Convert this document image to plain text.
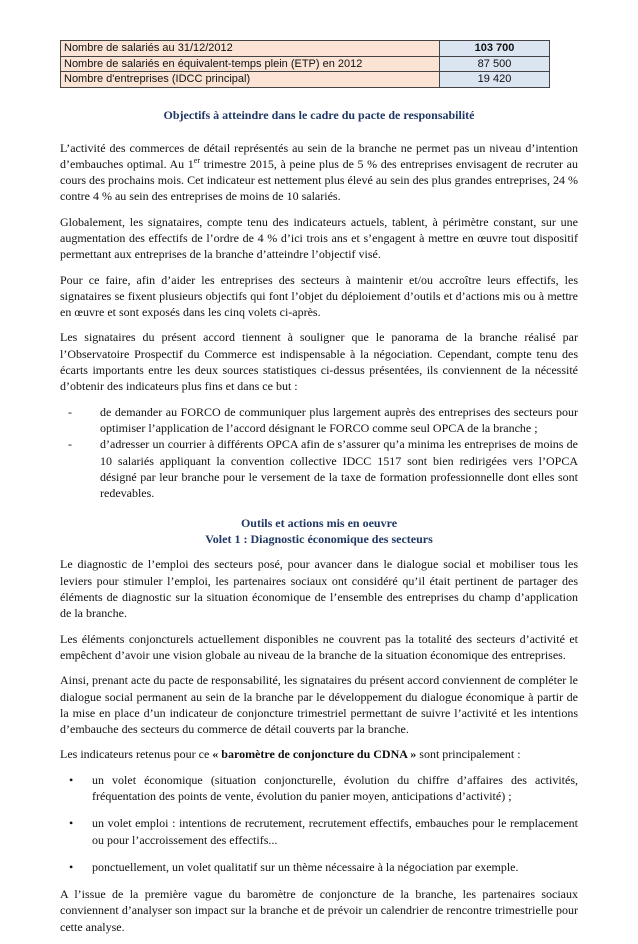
Nombre de salariés au 31/12/2012	103 700
Nombre de salariés en équivalent-temps plein (ETP) en 2012	87 500
Nombre d'entreprises (IDCC principal)	19 420
Objectifs à atteindre dans le cadre du pacte de responsabilité

L’activité des commerces de détail représentés au sein de la branche ne permet pas un niveau d’intention d’embauches optimal. Au 1er trimestre 2015, à peine plus de 5 % des entreprises envisagent de recruter au cours des prochains mois. Cet indicateur est nettement plus élevé au sein des plus grandes entreprises, 24 % contre 4 % au sein des entreprises de moins de 10 salariés.

Globalement, les signataires, compte tenu des indicateurs actuels, tablent, à périmètre constant, sur une augmentation des effectifs de l’ordre de 4 % d’ici trois ans et s’engagent à mettre en œuvre tout dispositif permettant aux entreprises de la branche d’atteindre l’objectif visé.

Pour ce faire, afin d’aider les entreprises des secteurs à maintenir et/ou accroître leurs effectifs, les signataires se fixent plusieurs objectifs qui font l’objet du déploiement d’outils et d’actions mis ou à mettre en œuvre et sont exposés dans les cinq volets ci-après.

Les signataires du présent accord tiennent à souligner que le panorama de la branche réalisé par l’Observatoire Prospectif du Commerce est indispensable à la négociation. Cependant, compte tenu des écarts importants entre les deux sources statistiques ci-dessus présentées, ils conviennent de la nécessité d’obtenir des indicateurs plus fins et dans ce but :

- de demander au FORCO de communiquer plus largement auprès des entreprises des secteurs pour optimiser l’application de l’accord désignant le FORCO comme seul OPCA de la branche ;
- d’adresser un courrier à différents OPCA afin de s’assurer qu’a minima les entreprises de moins de 10 salariés appliquant la convention collective IDCC 1517 sont bien redirigées vers l’OPCA désigné par leur branche pour le versement de la taxe de formation professionnelle dont elles sont redevables.
Outils et actions mis en oeuvre
Volet 1 : Diagnostic économique des secteurs

Le diagnostic de l’emploi des secteurs posé, pour avancer dans le dialogue social et mobiliser tous les leviers pour stimuler l’emploi, les partenaires sociaux ont considéré qu’il était pertinent de partager des éléments de diagnostic sur la situation économique de l’ensemble des entreprises du champ d’application de la branche.

Les éléments conjoncturels actuellement disponibles ne couvrent pas la totalité des secteurs d’activité et empêchent d’avoir une vision globale au niveau de la branche de la situation économique des entreprises.

Ainsi, prenant acte du pacte de responsabilité, les signataires du présent accord conviennent de compléter le dialogue social permanent au sein de la branche par le développement du dialogue économique à partir de la mise en place d’un indicateur de conjoncture trimestriel permettant de suivre l’activité et les intentions d’embauche des secteurs du commerce de détail couverts par la branche.

Les indicateurs retenus pour ce « baromètre de conjoncture du CDNA » sont principalement :

• un volet économique (situation conjoncturelle, évolution du chiffre d’affaires des activités, fréquentation des points de vente, évolution du panier moyen, anticipations d’activité) ;
• un volet emploi : intentions de recrutement, recrutement effectifs, embauches pour le remplacement ou pour l’accroissement des effectifs...
• ponctuellement, un volet qualitatif sur un thème nécessaire à la négociation par exemple.

A l’issue de la première vague du baromètre de conjoncture de la branche, les partenaires sociaux conviennent d’analyser son impact sur la branche et de prévoir un calendrier de rencontre trimestrielle pour cette analyse.
